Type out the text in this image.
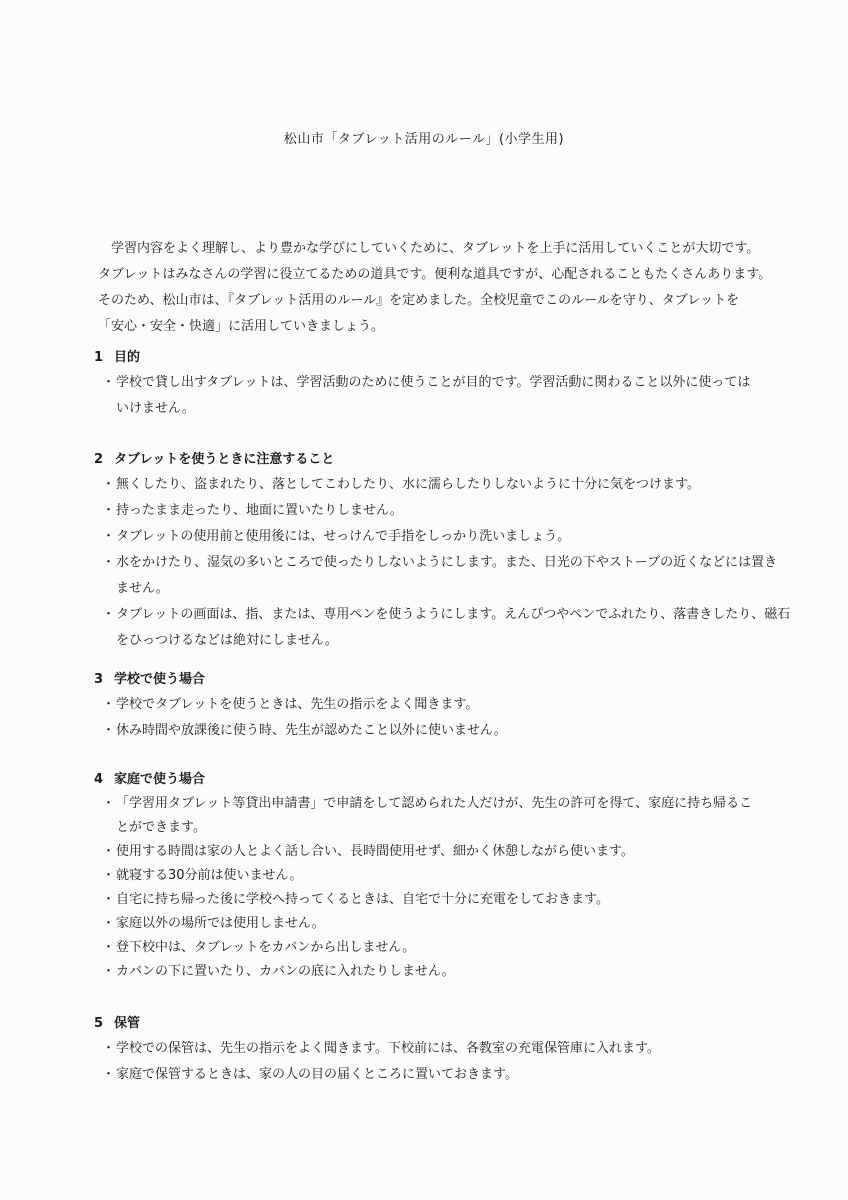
松山市「タブレット活用のルール」(小学生用)
学習内容をよく理解し、より豊かな学びにしていくために、タブレットを上手に活用していくことが大切です。
タブレットはみなさんの学習に役立てるための道具です。便利な道具ですが、心配されることもたくさんあります。
そのため、松山市は、『タブレット活用のルール』を定めました。全校児童でこのルールを守り、タブレットを
「安心・安全・快適」に活用していきましょう。
1 目的
・ 学校で貸し出すタブレットは、学習活動のために使うことが目的です。学習活動に関わること以外に使っては
いけません。
2 タブレットを使うときに注意すること
・ 無くしたり、盗まれたり、落としてこわしたり、水に濡らしたりしないように十分に気をつけます。
・ 持ったまま走ったり、地面に置いたりしません。
・ タブレットの使用前と使用後には、せっけんで手指をしっかり洗いましょう。
・ 水をかけたり、湿気の多いところで使ったりしないようにします。また、日光の下やストーブの近くなどには置き
ません。
・ タブレットの画面は、指、または、専用ペンを使うようにします。えんぴつやペンでふれたり、落書きしたり、磁石
をひっつけるなどは絶対にしません。
3 学校で使う場合
・ 学校でタブレットを使うときは、先生の指示をよく聞きます。
・ 休み時間や放課後に使う時、先生が認めたこと以外に使いません。
4 家庭で使う場合
・ 「学習用タブレット等貸出申請書」で申請をして認められた人だけが、先生の許可を得て、家庭に持ち帰るこ
とができます。
・ 使用する時間は家の人とよく話し合い、長時間使用せず、細かく休憩しながら使います。
・ 就寝する30分前は使いません。
・ 自宅に持ち帰った後に学校へ持ってくるときは、自宅で十分に充電をしておきます。
・ 家庭以外の場所では使用しません。
・ 登下校中は、タブレットをカバンから出しません。
・ カバンの下に置いたり、カバンの底に入れたりしません。
5 保管
・ 学校での保管は、先生の指示をよく聞きます。下校前には、各教室の充電保管庫に入れます。
・ 家庭で保管するときは、家の人の目の届くところに置いておきます。
